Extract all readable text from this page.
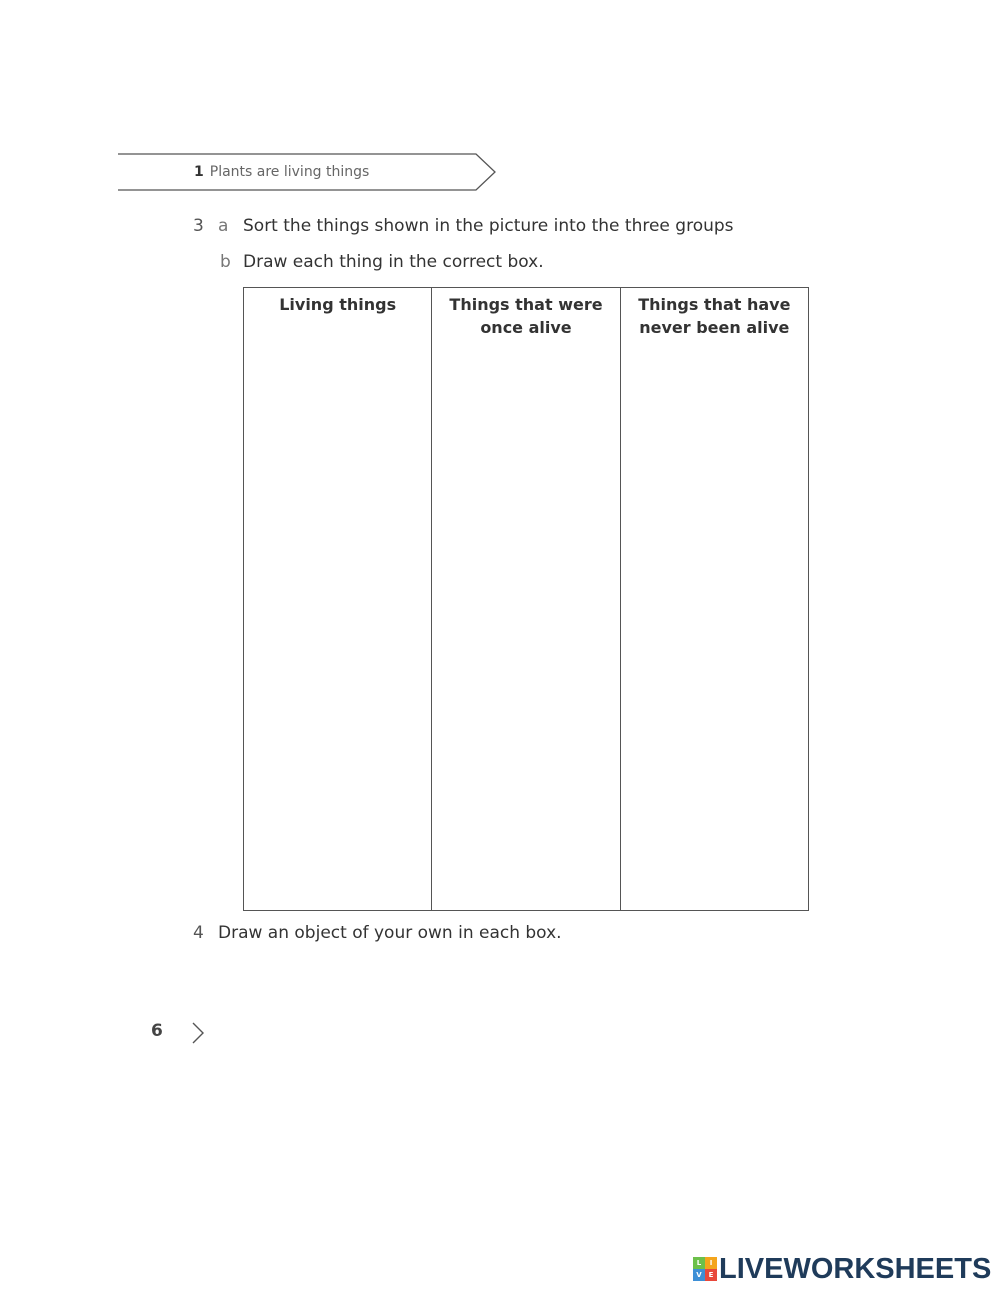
1 Plants are living things
3 a Sort the things shown in the picture into the three groups
b Draw each thing in the correct box.
Living things	Things that were
once alive
Things that have
never been alive
4 Draw an object of your own in each box.
6
L	I
V E LIVEWORKSHEETS
